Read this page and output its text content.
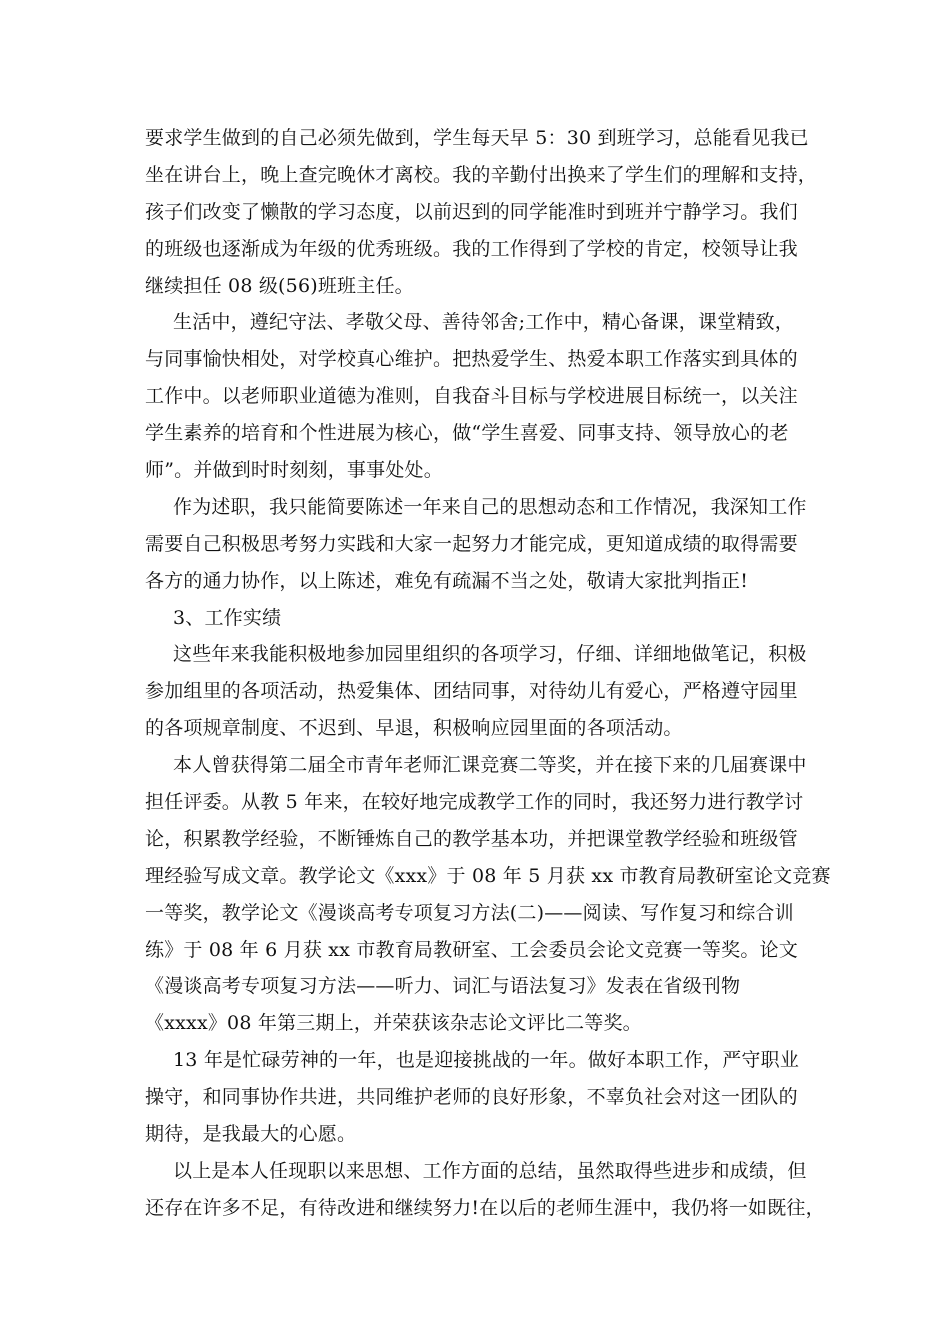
要求学生做到的自己必须先做到，学生每天早 5：30 到班学习，总能看见我已
坐在讲台上，晚上查完晚休才离校。我的辛勤付出换来了学生们的理解和支持，
孩子们改变了懒散的学习态度，以前迟到的同学能准时到班并宁静学习。我们
的班级也逐渐成为年级的优秀班级。我的工作得到了学校的肯定，校领导让我
继续担任 08 级(56)班班主任。
生活中，遵纪守法、孝敬父母、善待邻舍;工作中，精心备课，课堂精致，
与同事愉快相处，对学校真心维护。把热爱学生、热爱本职工作落实到具体的
工作中。以老师职业道德为准则，自我奋斗目标与学校进展目标统一，以关注
学生素养的培育和个性进展为核心，做“学生喜爱、同事支持、领导放心的老
师”。并做到时时刻刻，事事处处。
作为述职，我只能简要陈述一年来自己的思想动态和工作情况，我深知工作
需要自己积极思考努力实践和大家一起努力才能完成，更知道成绩的取得需要
各方的通力协作，以上陈述，难免有疏漏不当之处，敬请大家批判指正!
3、工作实绩
这些年来我能积极地参加园里组织的各项学习，仔细、详细地做笔记，积极
参加组里的各项活动，热爱集体、团结同事，对待幼儿有爱心，严格遵守园里
的各项规章制度、不迟到、早退，积极响应园里面的各项活动。
本人曾获得第二届全市青年老师汇课竞赛二等奖，并在接下来的几届赛课中
担任评委。从教 5 年来，在较好地完成教学工作的同时，我还努力进行教学讨
论，积累教学经验，不断锤炼自己的教学基本功，并把课堂教学经验和班级管
理经验写成文章。教学论文《xxx》于 08 年 5 月获 xx 市教育局教研室论文竞赛
一等奖，教学论文《漫谈高考专项复习方法(二)——阅读、写作复习和综合训
练》于 08 年 6 月获 xx 市教育局教研室、工会委员会论文竞赛一等奖。论文
《漫谈高考专项复习方法——听力、词汇与语法复习》发表在省级刊物
《xxxx》08 年第三期上，并荣获该杂志论文评比二等奖。
13 年是忙碌劳神的一年，也是迎接挑战的一年。做好本职工作，严守职业
操守，和同事协作共进，共同维护老师的良好形象，不辜负社会对这一团队的
期待，是我最大的心愿。
以上是本人任现职以来思想、工作方面的总结，虽然取得些进步和成绩，但
还存在许多不足，有待改进和继续努力!在以后的老师生涯中，我仍将一如既往，
